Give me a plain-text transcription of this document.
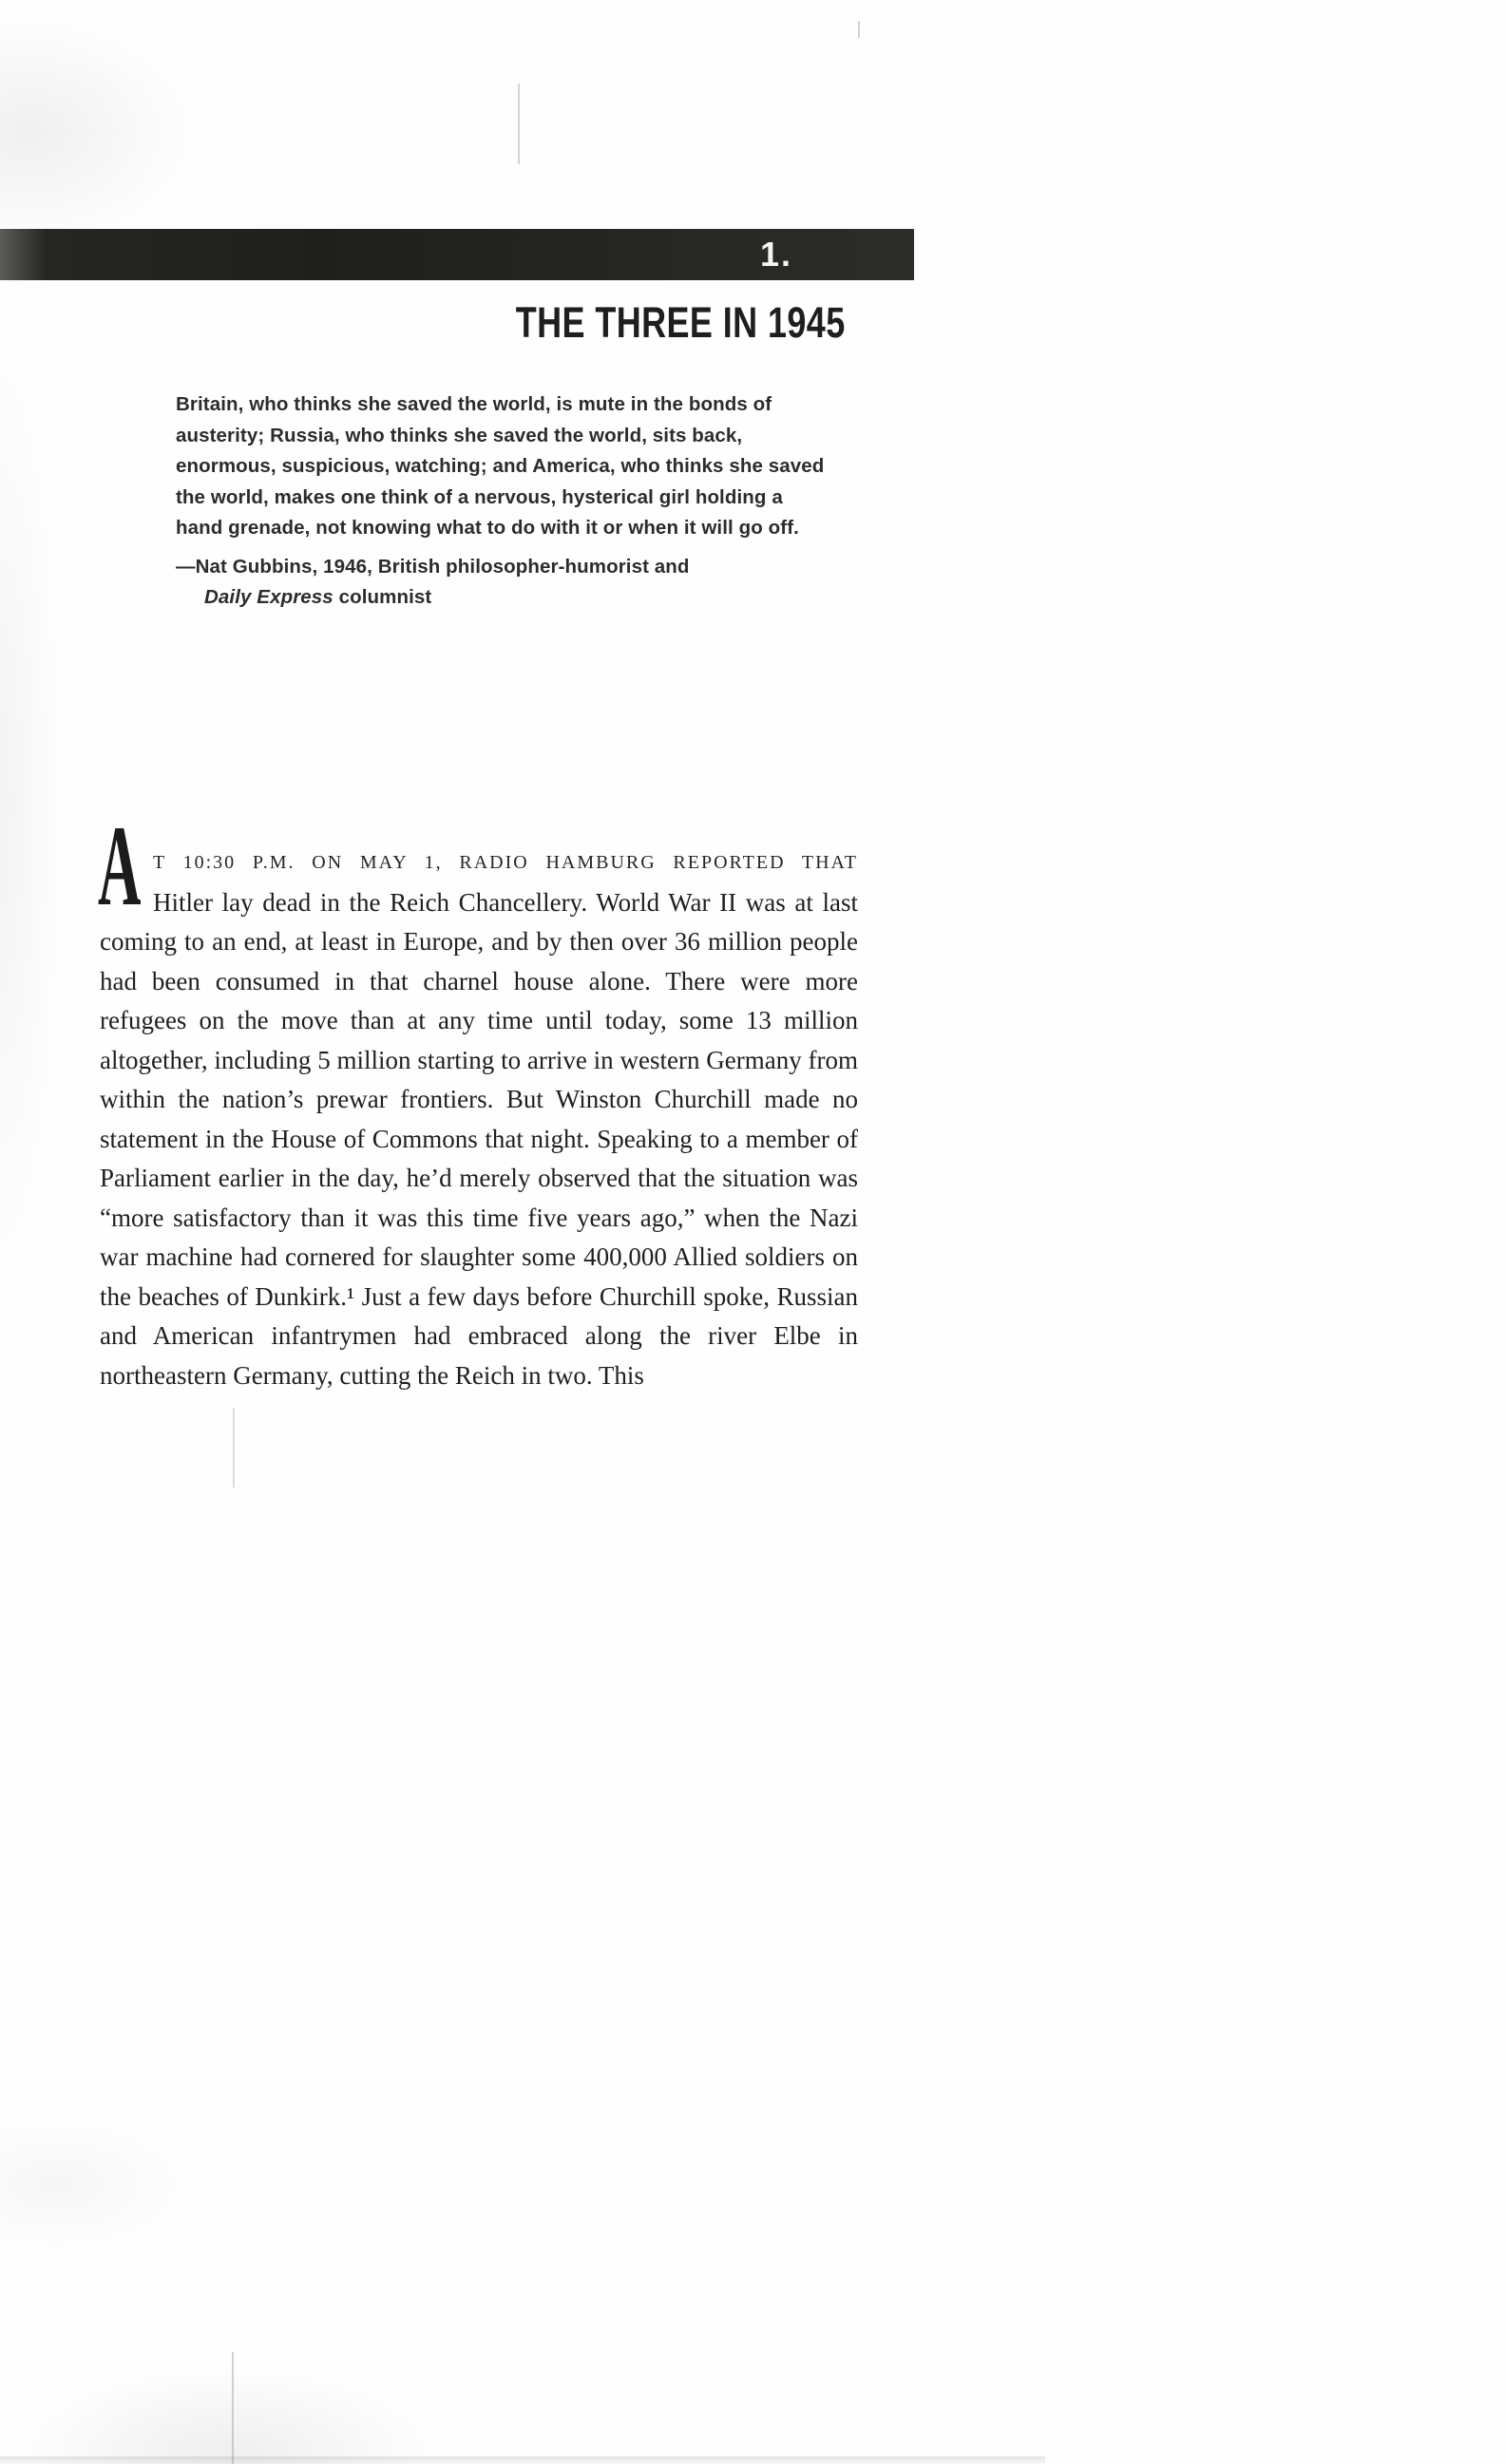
1.
THE THREE IN 1945
Britain, who thinks she saved the world, is mute in the bonds of
austerity; Russia, who thinks she saved the world, sits back,
enormous, suspicious, watching; and America, who thinks she saved
the world, makes one think of a nervous, hysterical girl holding a
hand grenade, not knowing what to do with it or when it will go off.
—Nat Gubbins, 1946, British philosopher-humorist and
Daily Express columnist
A T 10:30 P.M. ON MAY 1, RADIO HAMBURG REPORTED THAT

Hitler lay dead in the Reich Chancellery. World War II was at last coming to an end, at least in Europe, and by then over 36 million people had been consumed in that charnel house alone. There were more refugees on the move than at any time until today, some 13 million altogether, including 5 million starting to arrive in western Germany from within the nation’s prewar frontiers. But Winston Churchill made no statement in the House of Commons that night. Speaking to a member of Parliament earlier in the day, he’d merely observed that the situation was “more satisfactory than it was this time five years ago,” when the Nazi war machine had cornered for slaughter some 400,000 Allied soldiers on the beaches of Dunkirk.¹ Just a few days before Churchill spoke, Russian and American infantrymen had embraced along the river Elbe in northeastern Germany, cutting the Reich in two. This
